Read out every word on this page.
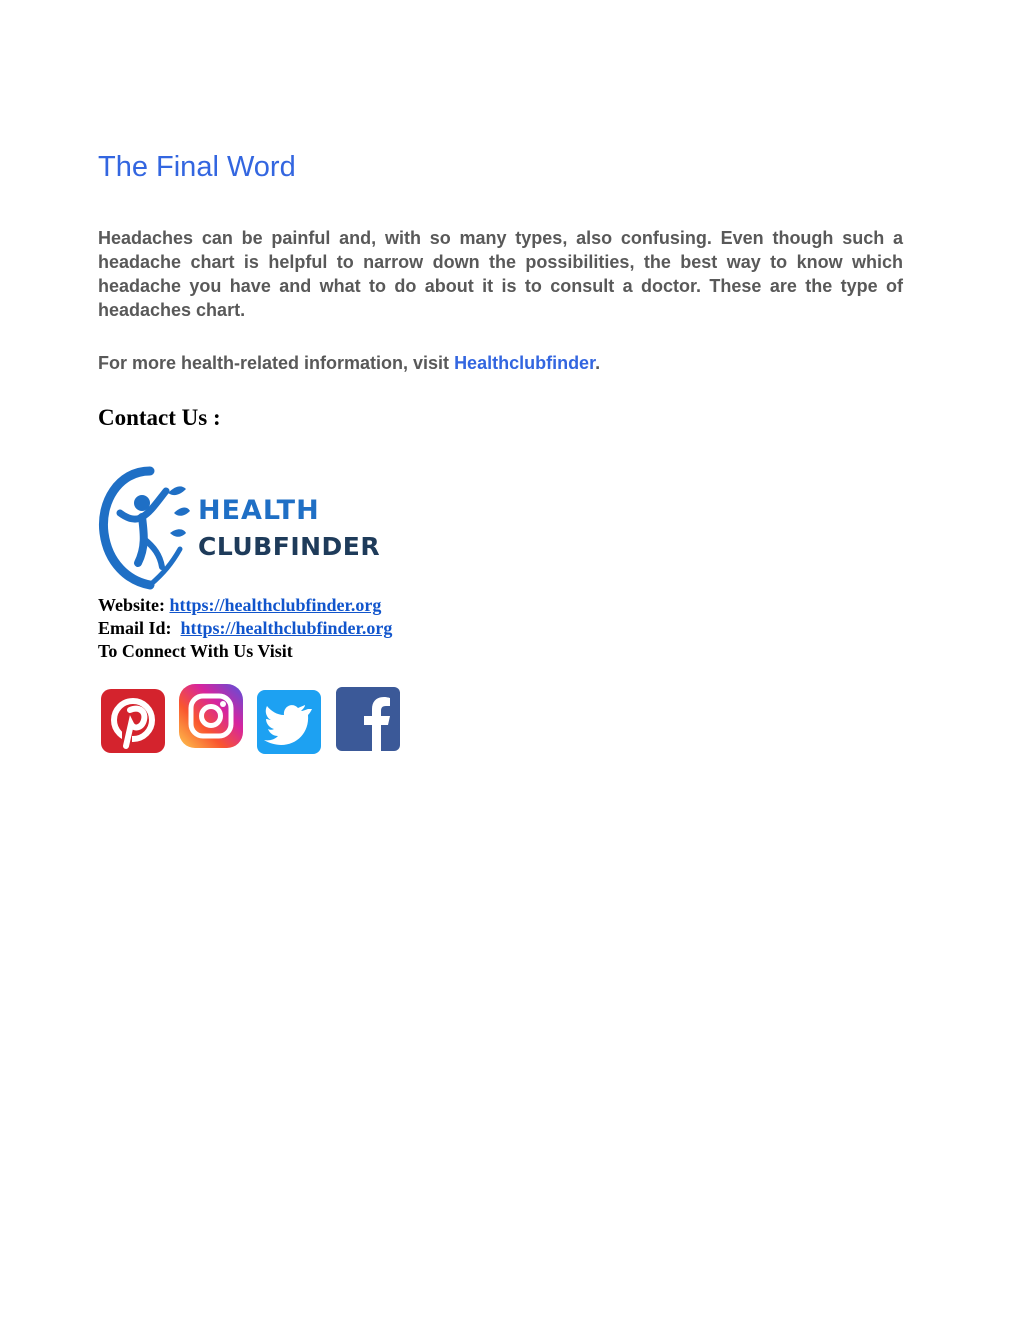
The Final Word

Headaches can be painful and, with so many types, also confusing. Even though such a headache chart is helpful to narrow down the possibilities, the best way to know which headache you have and what to do about it is to consult a doctor. These are the type of headaches chart.

For more health-related information, visit Healthclubfinder.

Contact Us :
HEALTH
CLUBFINDER
Website: https://healthclubfinder.org
Email Id: https://healthclubfinder.org
To Connect With Us Visit
